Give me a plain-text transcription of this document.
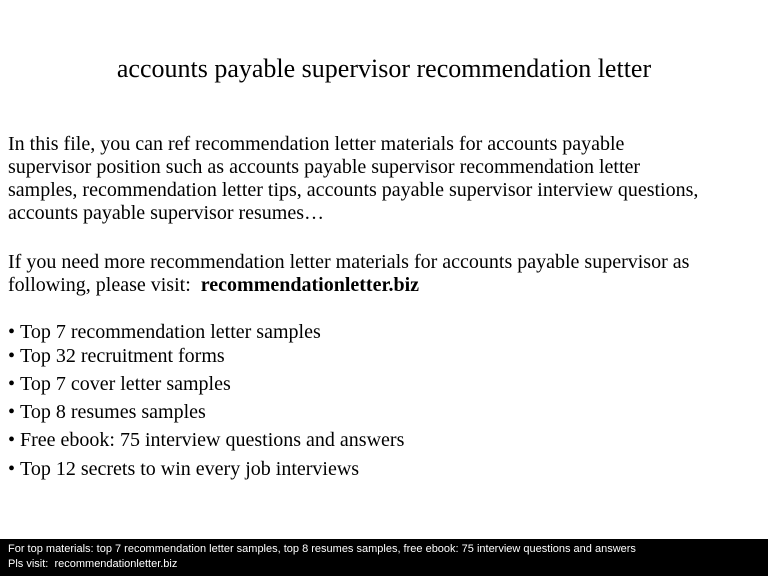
accounts payable supervisor recommendation letter
In this file, you can ref recommendation letter materials for accounts payable
supervisor position such as accounts payable supervisor recommendation letter
samples, recommendation letter tips, accounts payable supervisor interview questions,
accounts payable supervisor resumes…
If you need more recommendation letter materials for accounts payable supervisor as
following, please visit: recommendationletter.biz
• Top 7 recommendation letter samples
• Top 32 recruitment forms
• Top 7 cover letter samples
• Top 8 resumes samples
• Free ebook: 75 interview questions and answers
• Top 12 secrets to win every job interviews
For top materials: top 7 recommendation letter samples, top 8 resumes samples, free ebook: 75 interview questions and answers
Pls visit: recommendationletter.biz
